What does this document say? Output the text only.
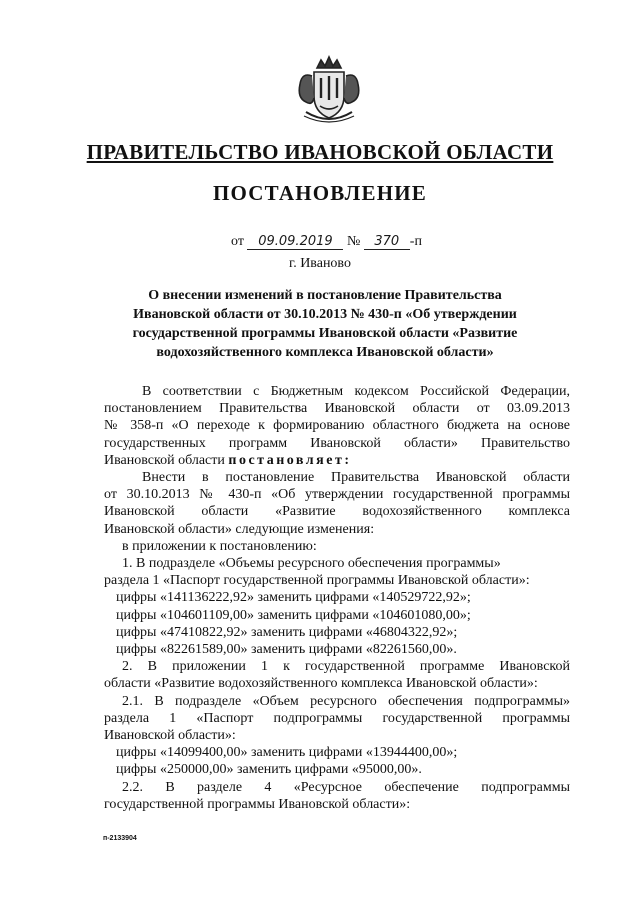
ПРАВИТЕЛЬСТВО ИВАНОВСКОЙ ОБЛАСТИ
ПОСТАНОВЛЕНИЕ
от 09.09.2019 № 370 -п
г. Иваново
О внесении изменений в постановление Правительства
Ивановской области от 30.10.2013 № 430-п «Об утверждении
государственной программы Ивановской области «Развитие
водохозяйственного комплекса Ивановской области»
В соответствии с Бюджетным кодексом Российской Федерации,
постановлением Правительства Ивановской области от 03.09.2013
№ 358-п «О переходе к формированию областного бюджета на основе
государственных программ Ивановской области» Правительство
Ивановской области постановляет:
Внести в постановление Правительства Ивановской области
от 30.10.2013 № 430-п «Об утверждении государственной программы
Ивановской области «Развитие водохозяйственного комплекса
Ивановской области» следующие изменения:
в приложении к постановлению:
1. В подразделе «Объемы ресурсного обеспечения программы»
раздела 1 «Паспорт государственной программы Ивановской области»:
цифры «141136222,92» заменить цифрами «140529722,92»;
цифры «104601109,00» заменить цифрами «104601080,00»;
цифры «47410822,92» заменить цифрами «46804322,92»;
цифры «82261589,00» заменить цифрами «82261560,00».
2. В приложении 1 к государственной программе Ивановской
области «Развитие водохозяйственного комплекса Ивановской области»:
2.1. В подразделе «Объем ресурсного обеспечения подпрограммы»
раздела 1 «Паспорт подпрограммы государственной программы
Ивановской области»:
цифры «14099400,00» заменить цифрами «13944400,00»;
цифры «250000,00» заменить цифрами «95000,00».
2.2. В разделе 4 «Ресурсное обеспечение подпрограммы
государственной программы Ивановской области»:
п-2133904
